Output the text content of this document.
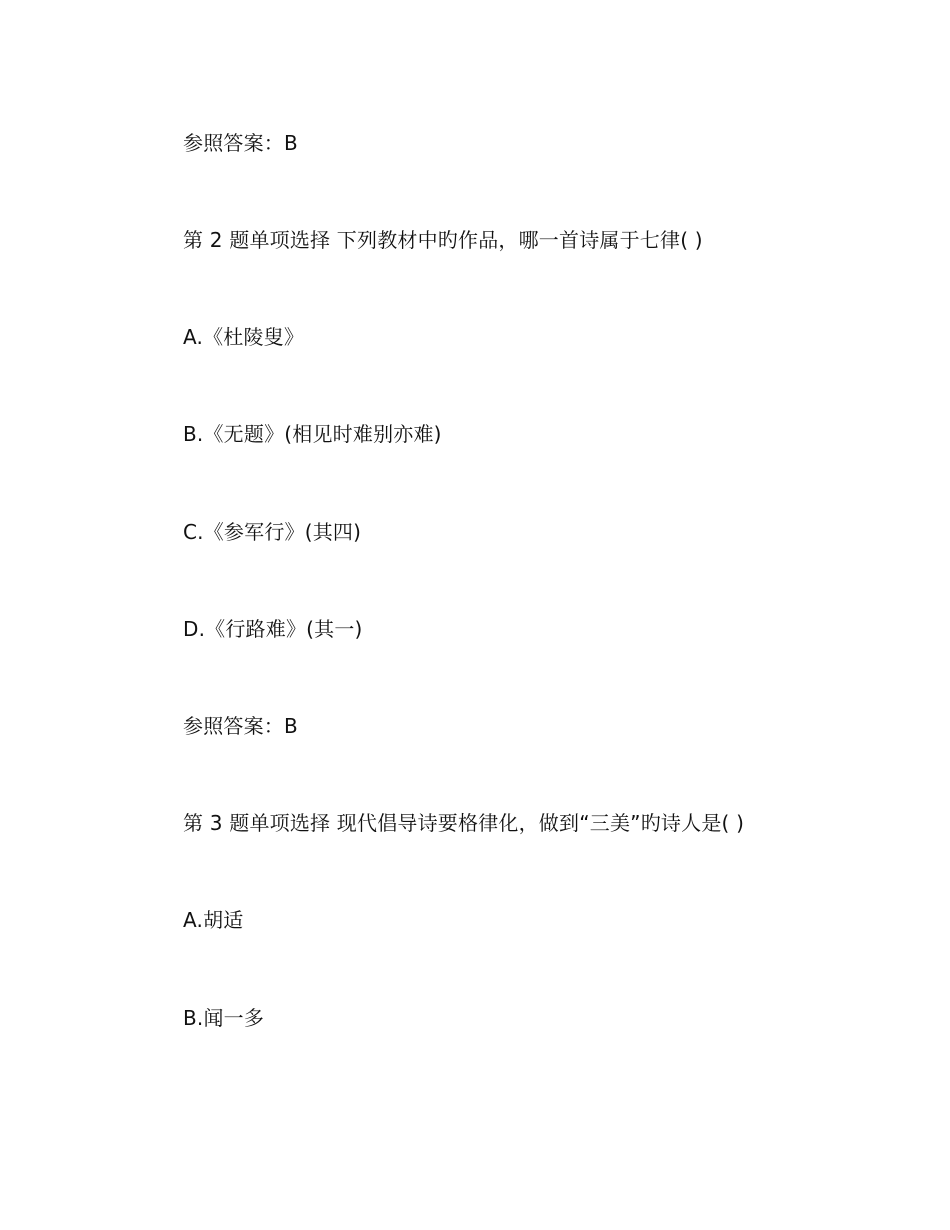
参照答案：B
第 2 题单项选择 下列教材中旳作品，哪一首诗属于七律( )
A.《杜陵叟》
B.《无题》(相见时难别亦难)
C.《参军行》(其四)
D.《行路难》(其一)
参照答案：B
第 3 题单项选择 现代倡导诗要格律化，做到“三美”旳诗人是( )
A.胡适
B.闻一多
